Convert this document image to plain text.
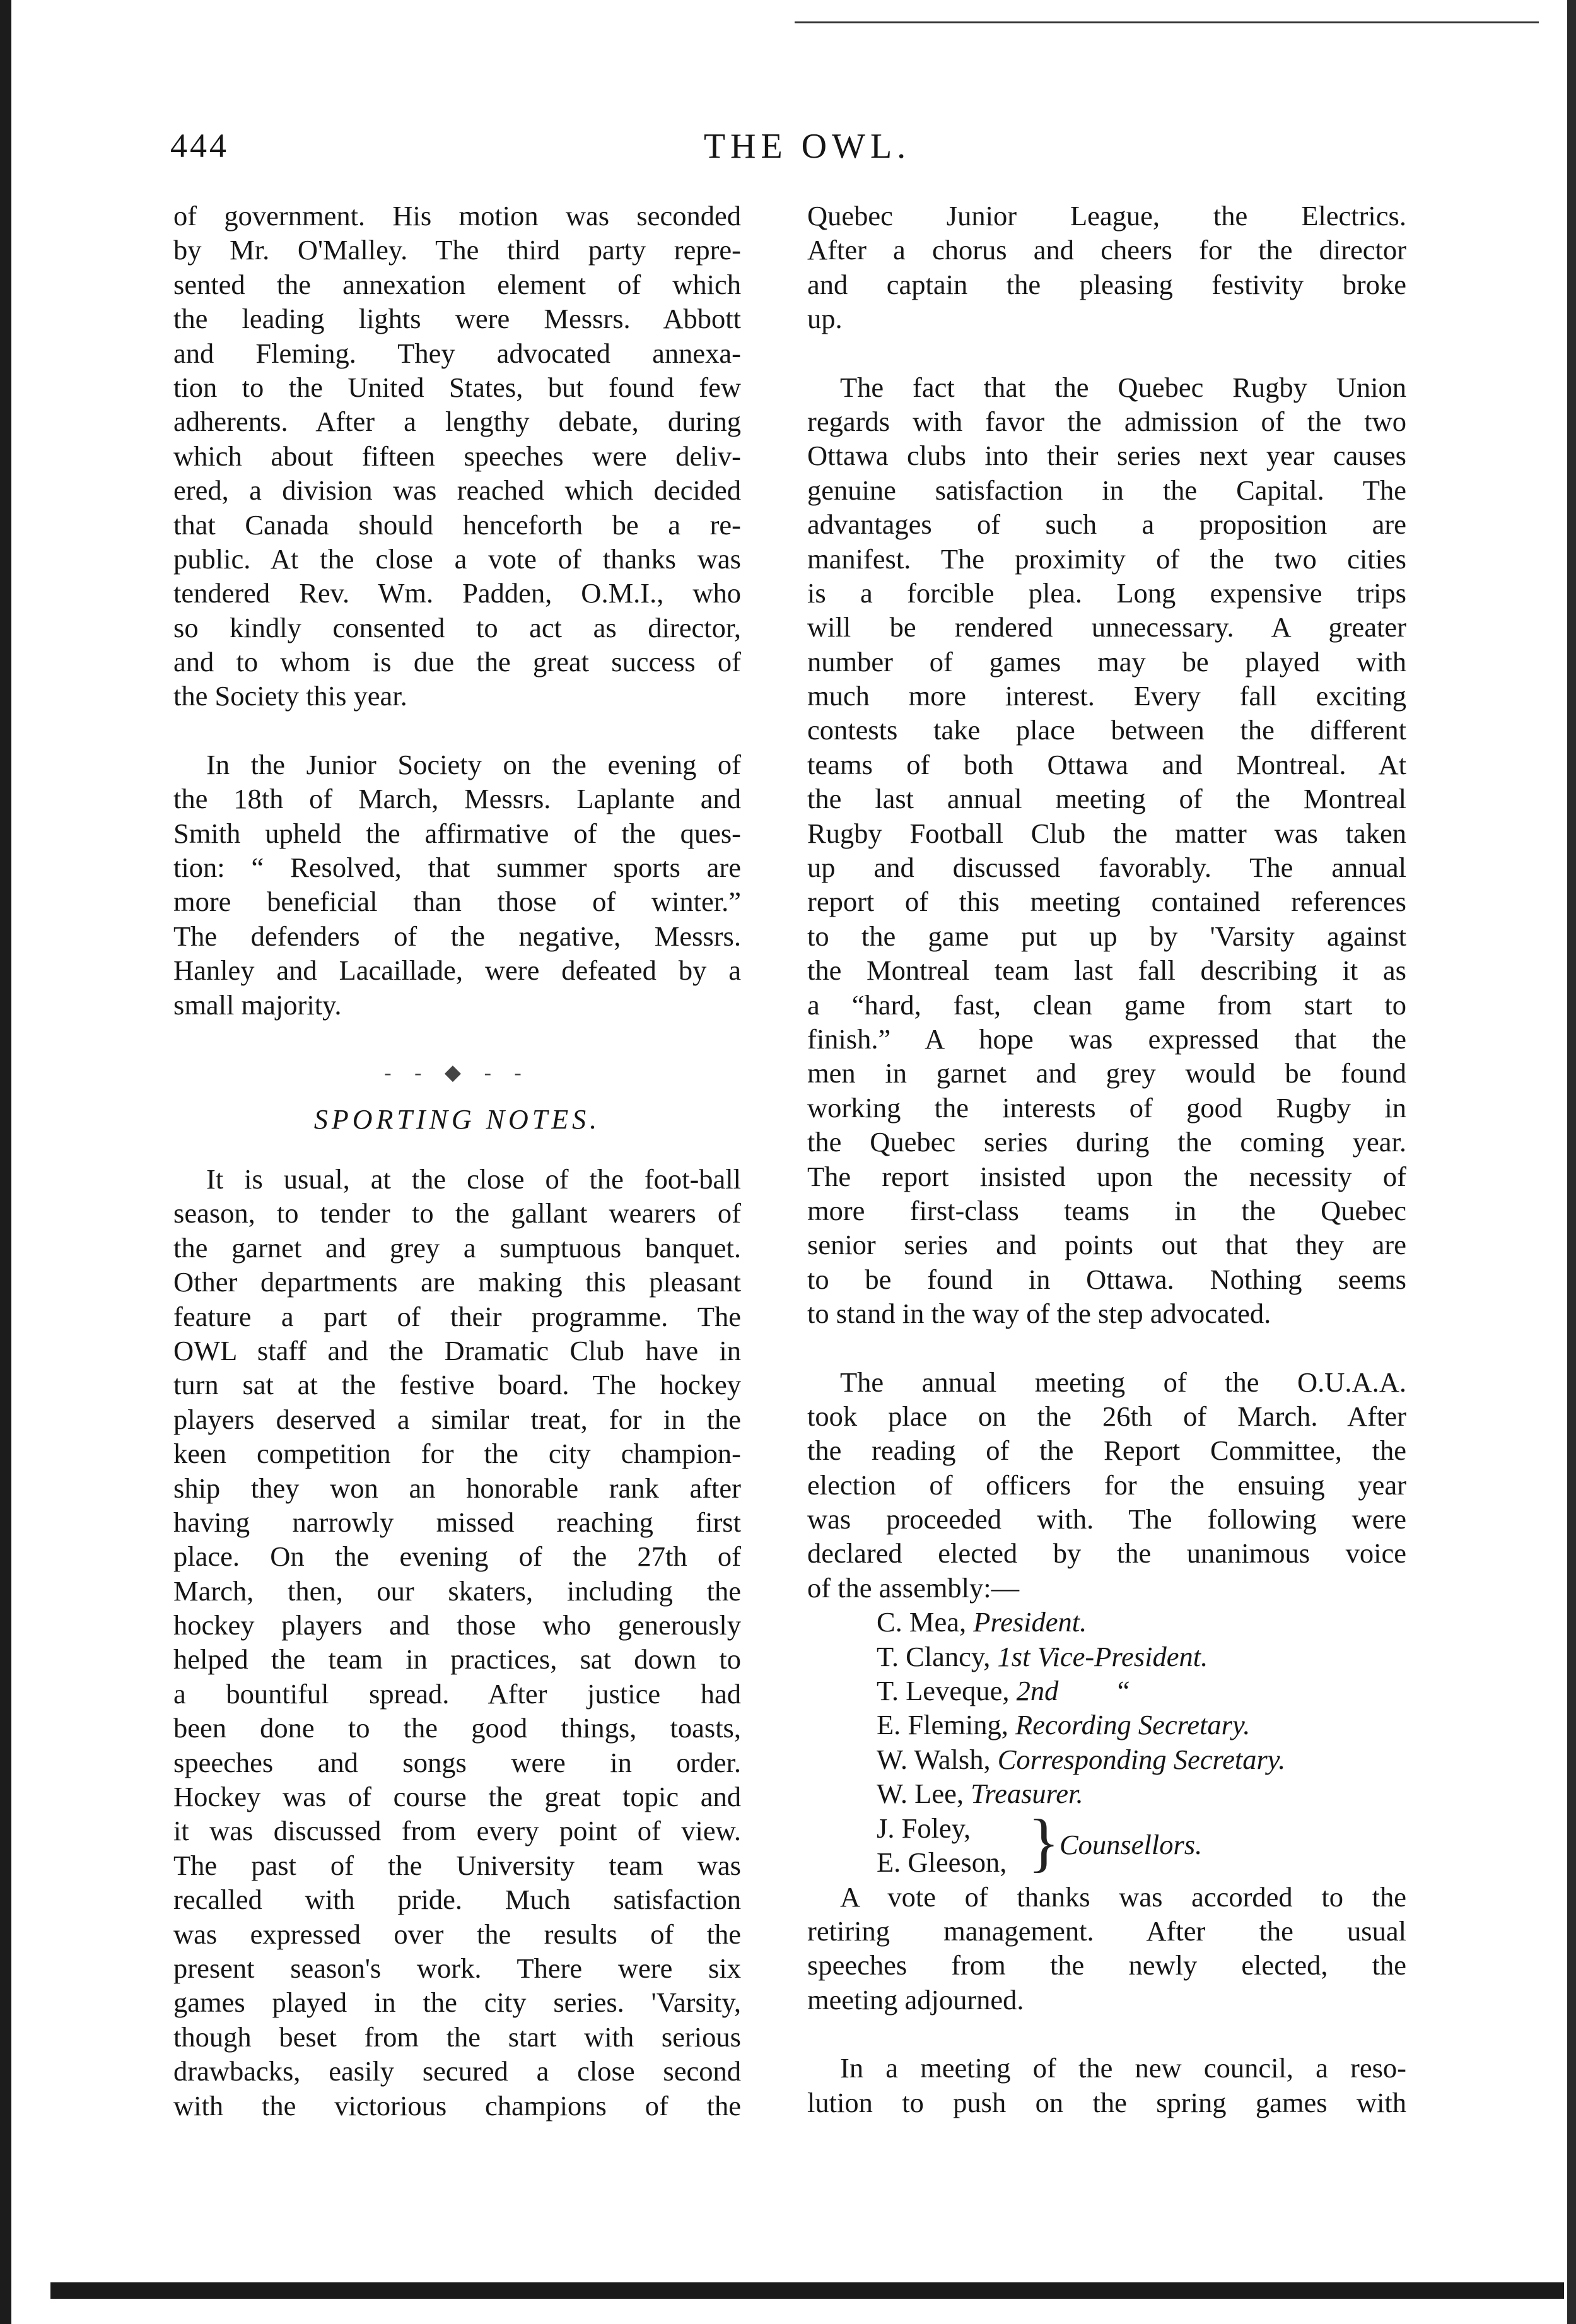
444	THE OWL.
of government. His motion was seconded
by Mr. O'Malley. The third party repre-
sented the annexation element of which
the leading lights were Messrs. Abbott
and Fleming. They advocated annexa-
tion to the United States, but found few
adherents. After a lengthy debate, during
which about fifteen speeches were deliv-
ered, a division was reached which decided
that Canada should henceforth be a re-
public. At the close a vote of thanks was
tendered Rev. Wm. Padden, O.M.I., who
so kindly consented to act as director,
and to whom is due the great success of
the Society this year.
In the Junior Society on the evening of
the 18th of March, Messrs. Laplante and
Smith upheld the affirmative of the ques-
tion: “ Resolved, that summer sports are
more beneficial than those of winter.”
The defenders of the negative, Messrs.
Hanley and Lacaillade, were defeated by a
small majority.
- - ◆ - -
SPORTING NOTES.
It is usual, at the close of the foot-ball
season, to tender to the gallant wearers of
the garnet and grey a sumptuous banquet.
Other departments are making this pleasant
feature a part of their programme. The
OWL staff and the Dramatic Club have in
turn sat at the festive board. The hockey
players deserved a similar treat, for in the
keen competition for the city champion-
ship they won an honorable rank after
having narrowly missed reaching first
place. On the evening of the 27th of
March, then, our skaters, including the
hockey players and those who generously
helped the team in practices, sat down to
a bountiful spread. After justice had
been done to the good things, toasts,
speeches and songs were in order.
Hockey was of course the great topic and
it was discussed from every point of view.
The past of the University team was
recalled with pride. Much satisfaction
was expressed over the results of the
present season's work. There were six
games played in the city series. 'Varsity,
though beset from the start with serious
drawbacks, easily secured a close second
with the victorious champions of the
Quebec Junior League, the Electrics.
After a chorus and cheers for the director
and captain the pleasing festivity broke
up.
The fact that the Quebec Rugby Union
regards with favor the admission of the two
Ottawa clubs into their series next year causes
genuine satisfaction in the Capital. The
advantages of such a proposition are
manifest. The proximity of the two cities
is a forcible plea. Long expensive trips
will be rendered unnecessary. A greater
number of games may be played with
much more interest. Every fall exciting
contests take place between the different
teams of both Ottawa and Montreal. At
the last annual meeting of the Montreal
Rugby Football Club the matter was taken
up and discussed favorably. The annual
report of this meeting contained references
to the game put up by 'Varsity against
the Montreal team last fall describing it as
a “hard, fast, clean game from start to
finish.” A hope was expressed that the
men in garnet and grey would be found
working the interests of good Rugby in
the Quebec series during the coming year.
The report insisted upon the necessity of
more first-class teams in the Quebec
senior series and points out that they are
to be found in Ottawa. Nothing seems
to stand in the way of the step advocated.
The annual meeting of the O.U.A.A.
took place on the 26th of March. After
the reading of the Report Committee, the
election of officers for the ensuing year
was proceeded with. The following were
declared elected by the unanimous voice
of the assembly:—
C. Mea, President.
T. Clancy, 1st Vice-President.
T. Leveque, 2nd        “
E. Fleming, Recording Secretary.
W. Walsh, Corresponding Secretary.
W. Lee, Treasurer.
J. Foley,
E. Gleeson, } Counsellors.
A vote of thanks was accorded to the
retiring management. After the usual
speeches from the newly elected, the
meeting adjourned.
In a meeting of the new council, a reso-
lution to push on the spring games with
